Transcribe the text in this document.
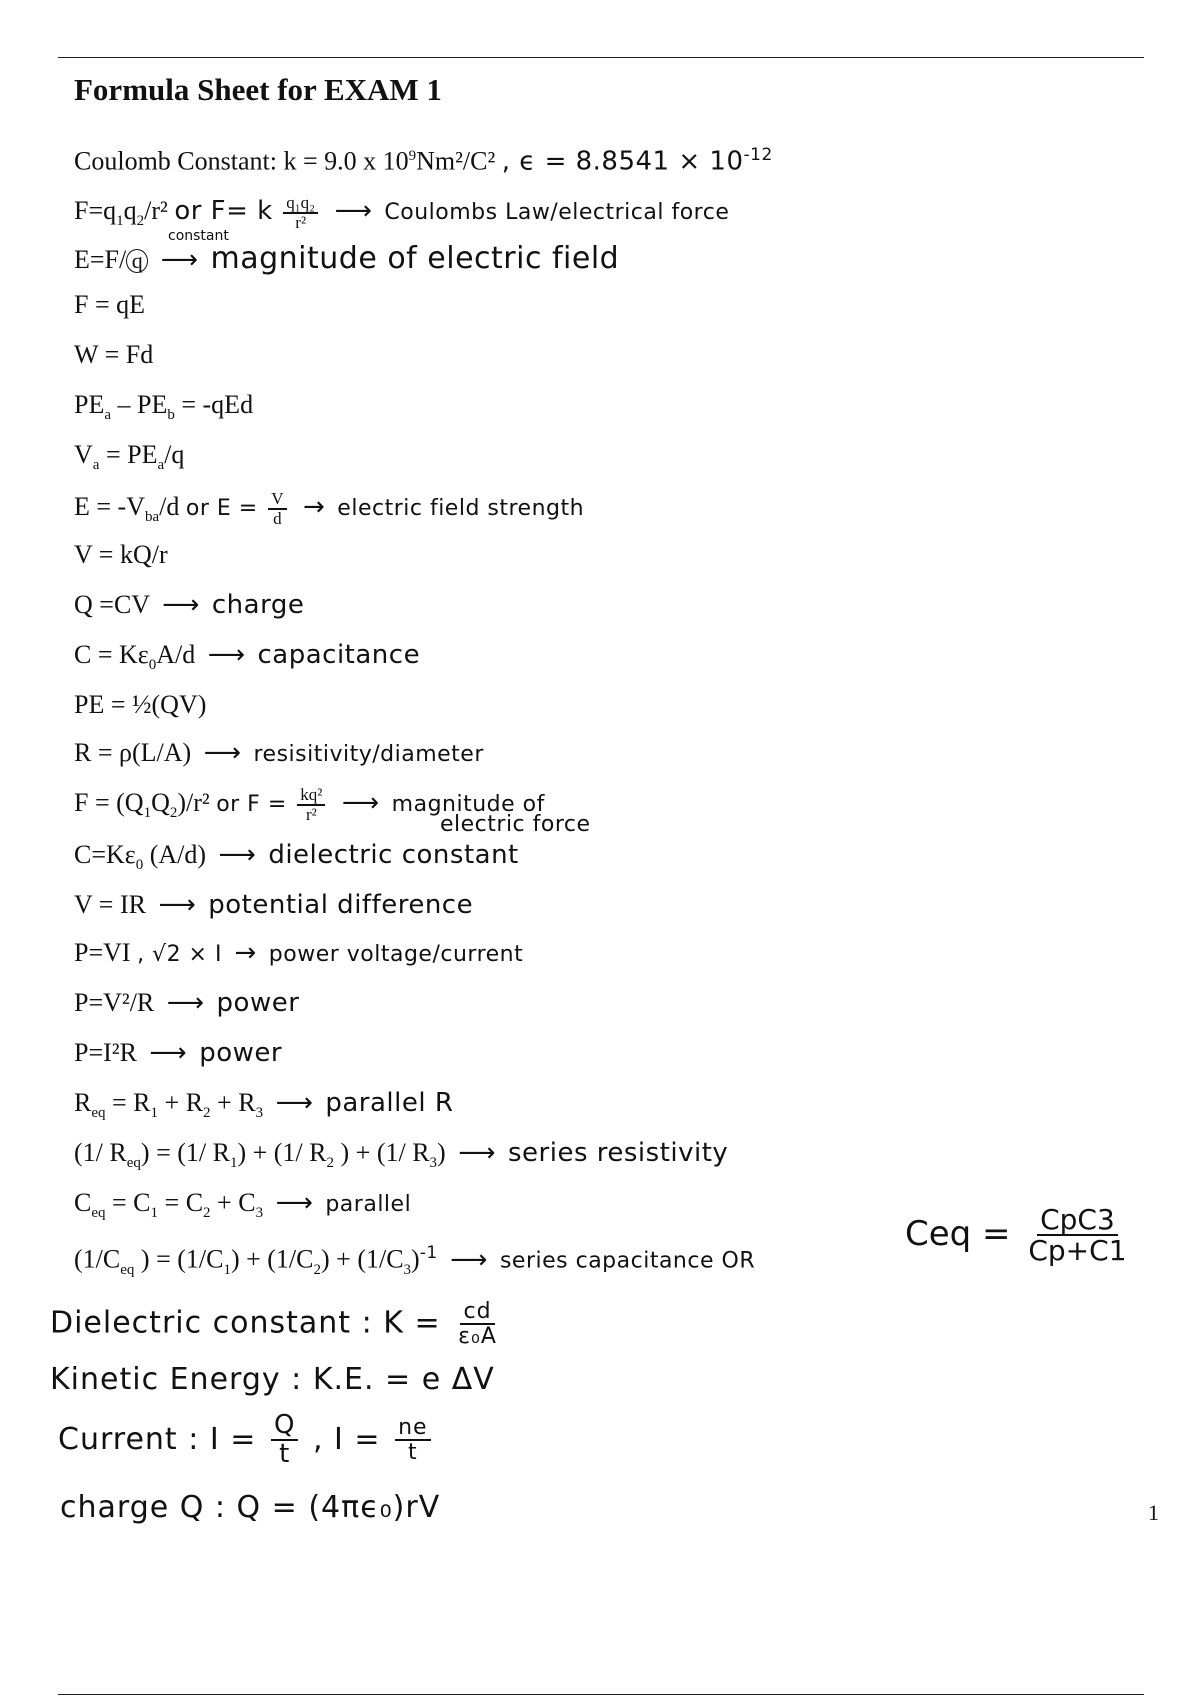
Formula Sheet for EXAM 1
Coulomb Constant: k = 9.0 x $10^9Nm^2/C^2$ , $\epsilon = 8.8541 \times 10^{-12}$
$F=q_1q_2/r^2$ or F= k $\frac{\text{q₁q₂}}{\text{r²}}$ ⟶ Coulombs Law/electrical force
constant
E=F/ q ⟶ magnitude of electric field
F = qE
W = Fd
$PE_a - PE_b = -qEd$
$V_a = PE_a/q$
$E = -V_{ba}/d$ or $E = \frac{V}{d}$ → electric field strength
V = kQ/r
Q =CV ⟶ charge
$C = K\varepsilon_0A/d$ ⟶ capacitance
PE = ½(QV)
R = ρ(L/A) ⟶ resisitivity/diameter
$F = (Q_1Q_2)/r^2$ or $F = \frac{\text{kq²}}{\text{r²}}$ ⟶ magnitude of
electric force
$C=K\varepsilon_0$ (A/d) ⟶ dielectric constant
V = IR ⟶ potential difference
P=VI , √2 × I → power voltage/current
P=V²/R ⟶ power
P=I²R ⟶ power
$R_{eq} = R_1 + R_2 + R_3$ ⟶ parallel R
(1/ $R_{eq}) = (1/$ $R_1) + (1/$ $R_2$ ) + (1/ $R_3$) ⟶ series resistivity
$C_{eq} = C_1 = C_2 + C_3$ ⟶ parallel
($1/C_{eq}$ ) = $(1/C_1) + (1/C_2) + (1/C_3)^{-1}$ ⟶ series capacitance OR
Ceq = $\frac{\text{CpC3}}{Cp+C1}$
Dielectric constant : $K = \frac{cd}{\text{ε₀A}}$
Kinetic Energy : K.E. = e ΔV
Current : $I = \frac{Q}{t}$ , $I = \frac{ne}{t}$
charge Q : Q = (4πϵ₀)rV	1
